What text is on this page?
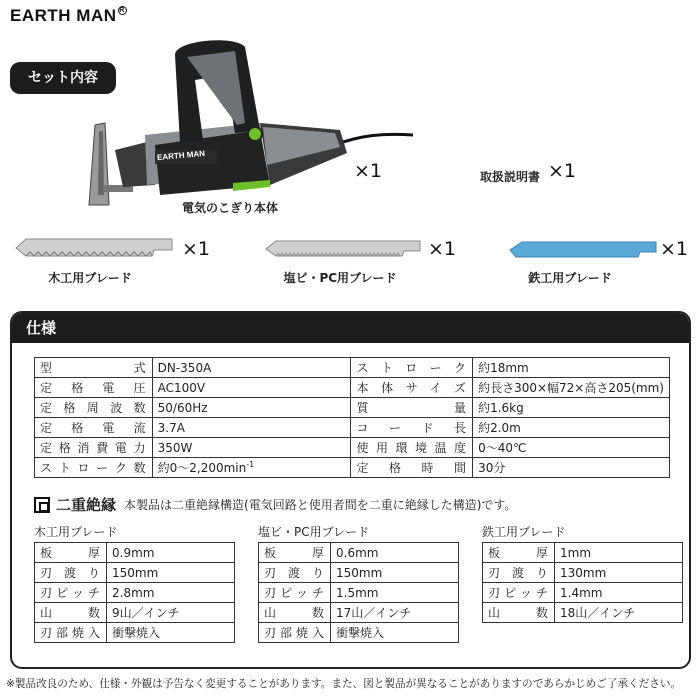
EARTH MAN R
セット内容
EARTH MAN
×1
電気のこぎり本体
取扱説明書 ×1
×1
木工用ブレード
×1
塩ビ・PC用ブレード
×1
鉄工用ブレード
仕様
型式	DN-350A	ストローク	約18mm
定格電圧	AC100V	本体サイズ	約長さ300×幅72×高さ205(mm)
定格周波数	50/60Hz	質量	約1.6kg
定格電流	3.7A	コード長	約2.0m
定格消費電力	350W	使用環境温度	0～40℃
ストローク数	約$0\sim 2,200\min^{-1}$	定格時間	30分
二重絶縁 本製品は二重絶縁構造(電気回路と使用者間を二重に絶縁した構造)です。
木工用ブレード
板厚	0.9mm
刃渡り	150mm
刃ピッチ	2.8mm
山数	9山／インチ
刃部焼入	衝撃焼入
塩ビ・PC用ブレード
板厚	0.6mm
刃渡り	150mm
刃ピッチ	1.5mm
山数	17山／インチ
刃部焼入	衝撃焼入
鉄工用ブレード
板厚	1mm
刃渡り	130mm
刃ピッチ	1.4mm
山数	18山／インチ
※製品改良のため、仕様・外観は予告なく変更することがあります。また、図と製品が異なることがありますのであらかじめご了承ください。
